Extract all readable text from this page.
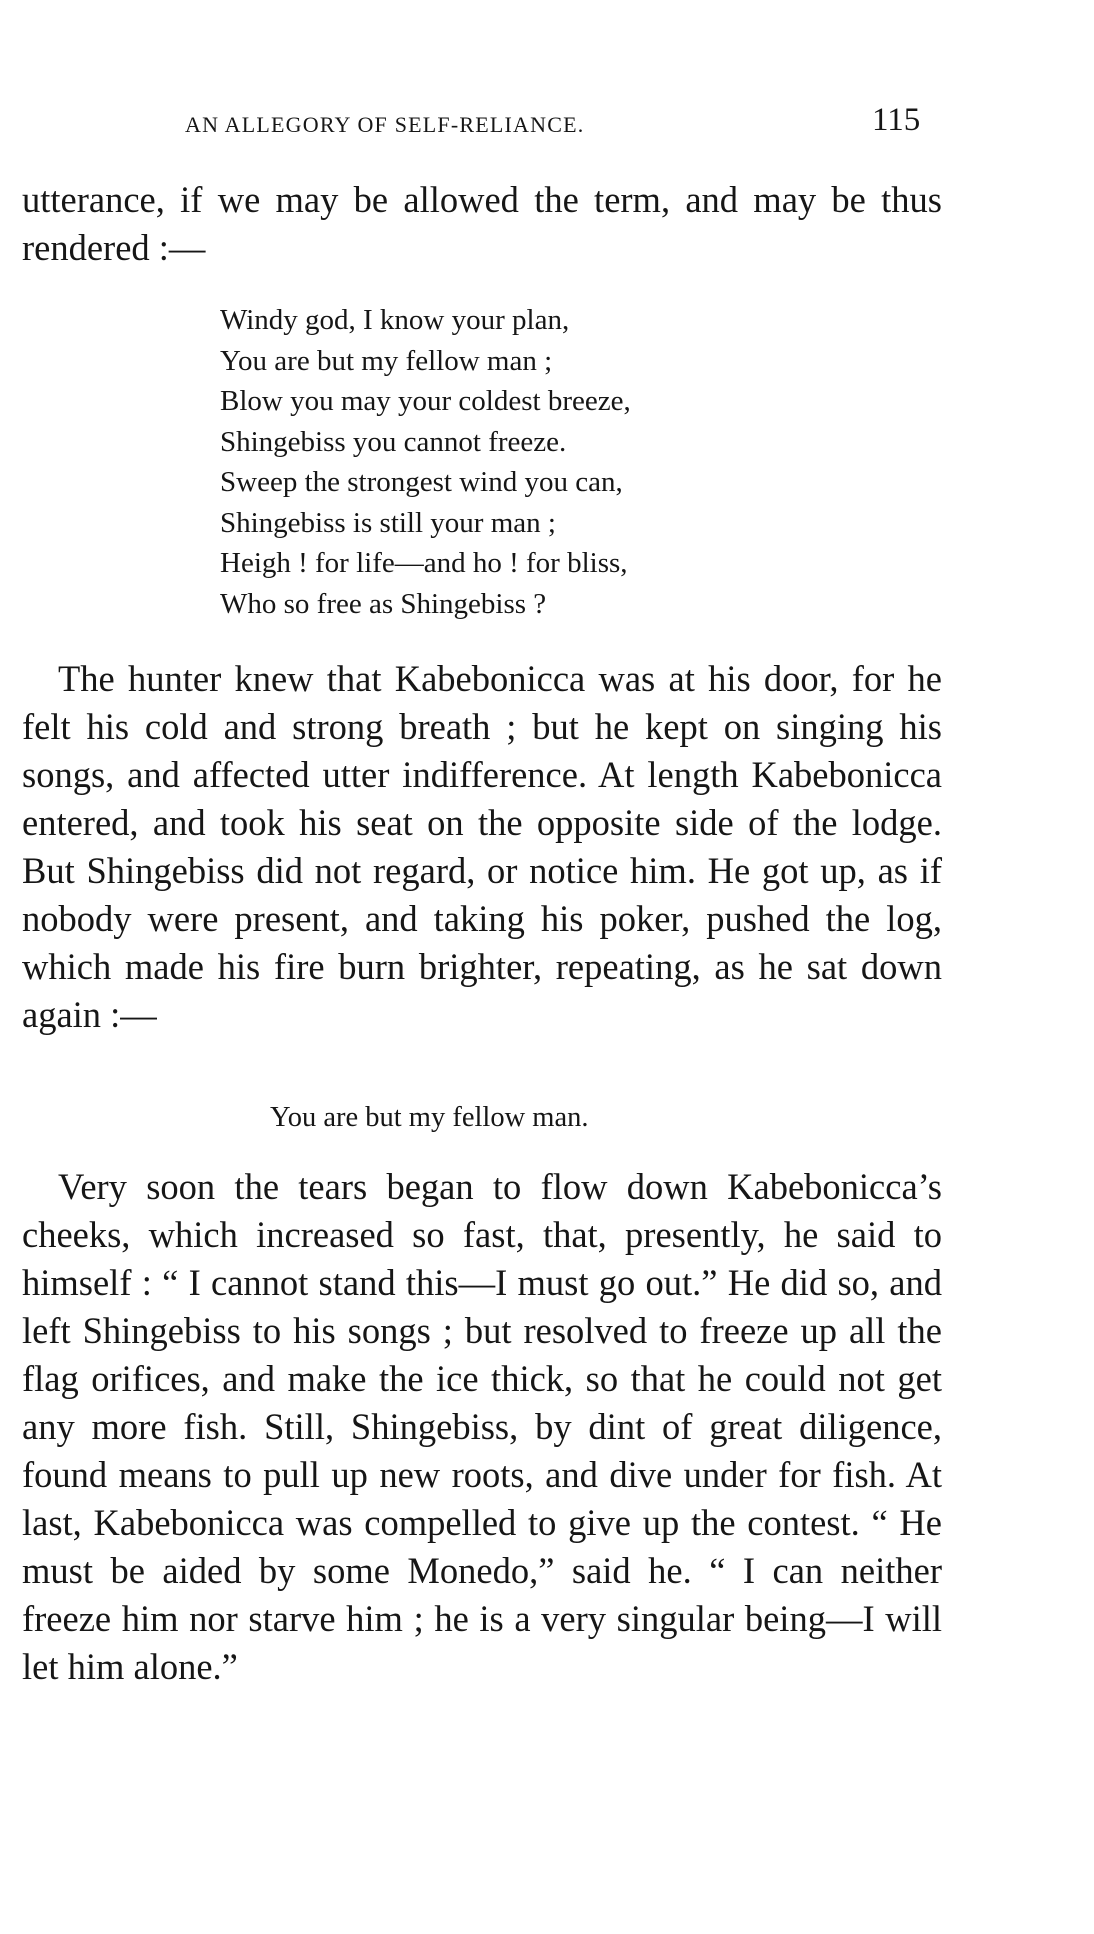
AN ALLEGORY OF SELF-RELIANCE.	115

utterance, if we may be allowed the term, and may be thus rendered :—

Windy god, I know your plan,
You are but my fellow man ;
Blow you may your coldest breeze,
Shingebiss you cannot freeze.
Sweep the strongest wind you can,
Shingebiss is still your man ;
Heigh ! for life—and ho ! for bliss,
Who so free as Shingebiss ?

The hunter knew that Kabebonicca was at his door, for he felt his cold and strong breath ; but he kept on singing his songs, and affected utter indifference. At length Kabebonicca entered, and took his seat on the opposite side of the lodge. But Shingebiss did not regard, or notice him. He got up, as if nobody were present, and taking his poker, pushed the log, which made his fire burn brighter, repeating, as he sat down again :—

You are but my fellow man.

Very soon the tears began to flow down Kabebonicca’s cheeks, which increased so fast, that, presently, he said to himself : “ I cannot stand this—I must go out.” He did so, and left Shingebiss to his songs ; but resolved to freeze up all the flag orifices, and make the ice thick, so that he could not get any more fish. Still, Shingebiss, by dint of great diligence, found means to pull up new roots, and dive under for fish. At last, Kabebonicca was compelled to give up the contest. “ He must be aided by some Monedo,” said he. “ I can neither freeze him nor starve him ; he is a very singular being—I will let him alone.”
